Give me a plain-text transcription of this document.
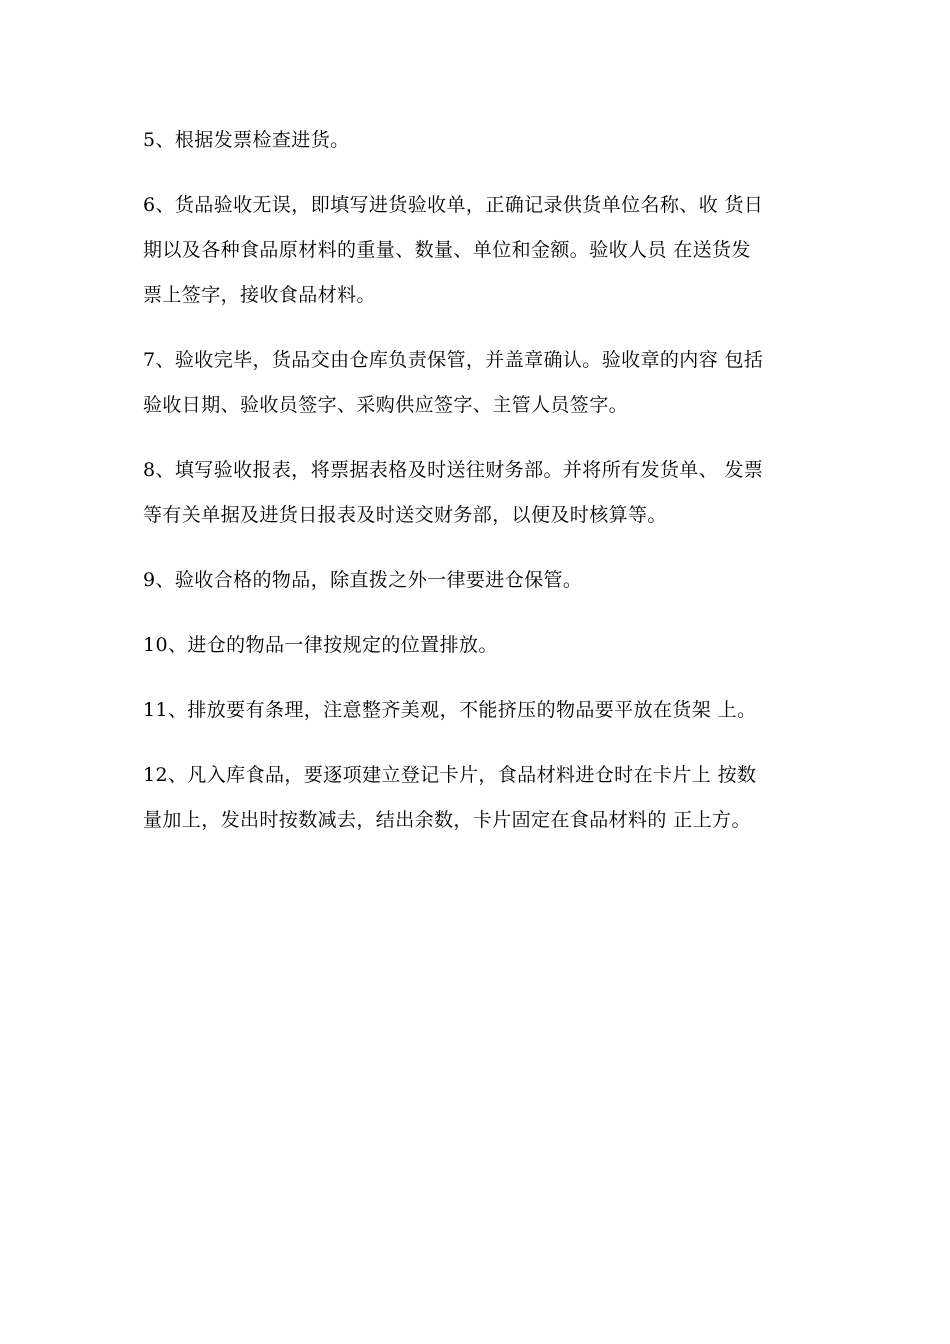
5、根据发票检查进货。

6、货品验收无误，即填写进货验收单，正确记录供货单位名称、收 货日
期以及各种食品原材料的重量、数量、单位和金额。验收人员 在送货发
票上签字，接收食品材料。

7、验收完毕，货品交由仓库负责保管，并盖章确认。验收章的内容 包括
验收日期、验收员签字、采购供应签字、主管人员签字。

8、填写验收报表，将票据表格及时送往财务部。并将所有发货单、 发票
等有关单据及进货日报表及时送交财务部，以便及时核算等。

9、验收合格的物品，除直拨之外一律要进仓保管。

10、进仓的物品一律按规定的位置排放。

11、排放要有条理，注意整齐美观，不能挤压的物品要平放在货架 上。

12、凡入库食品，要逐项建立登记卡片，食品材料进仓时在卡片上 按数
量加上，发出时按数减去，结出余数，卡片固定在食品材料的 正上方。
